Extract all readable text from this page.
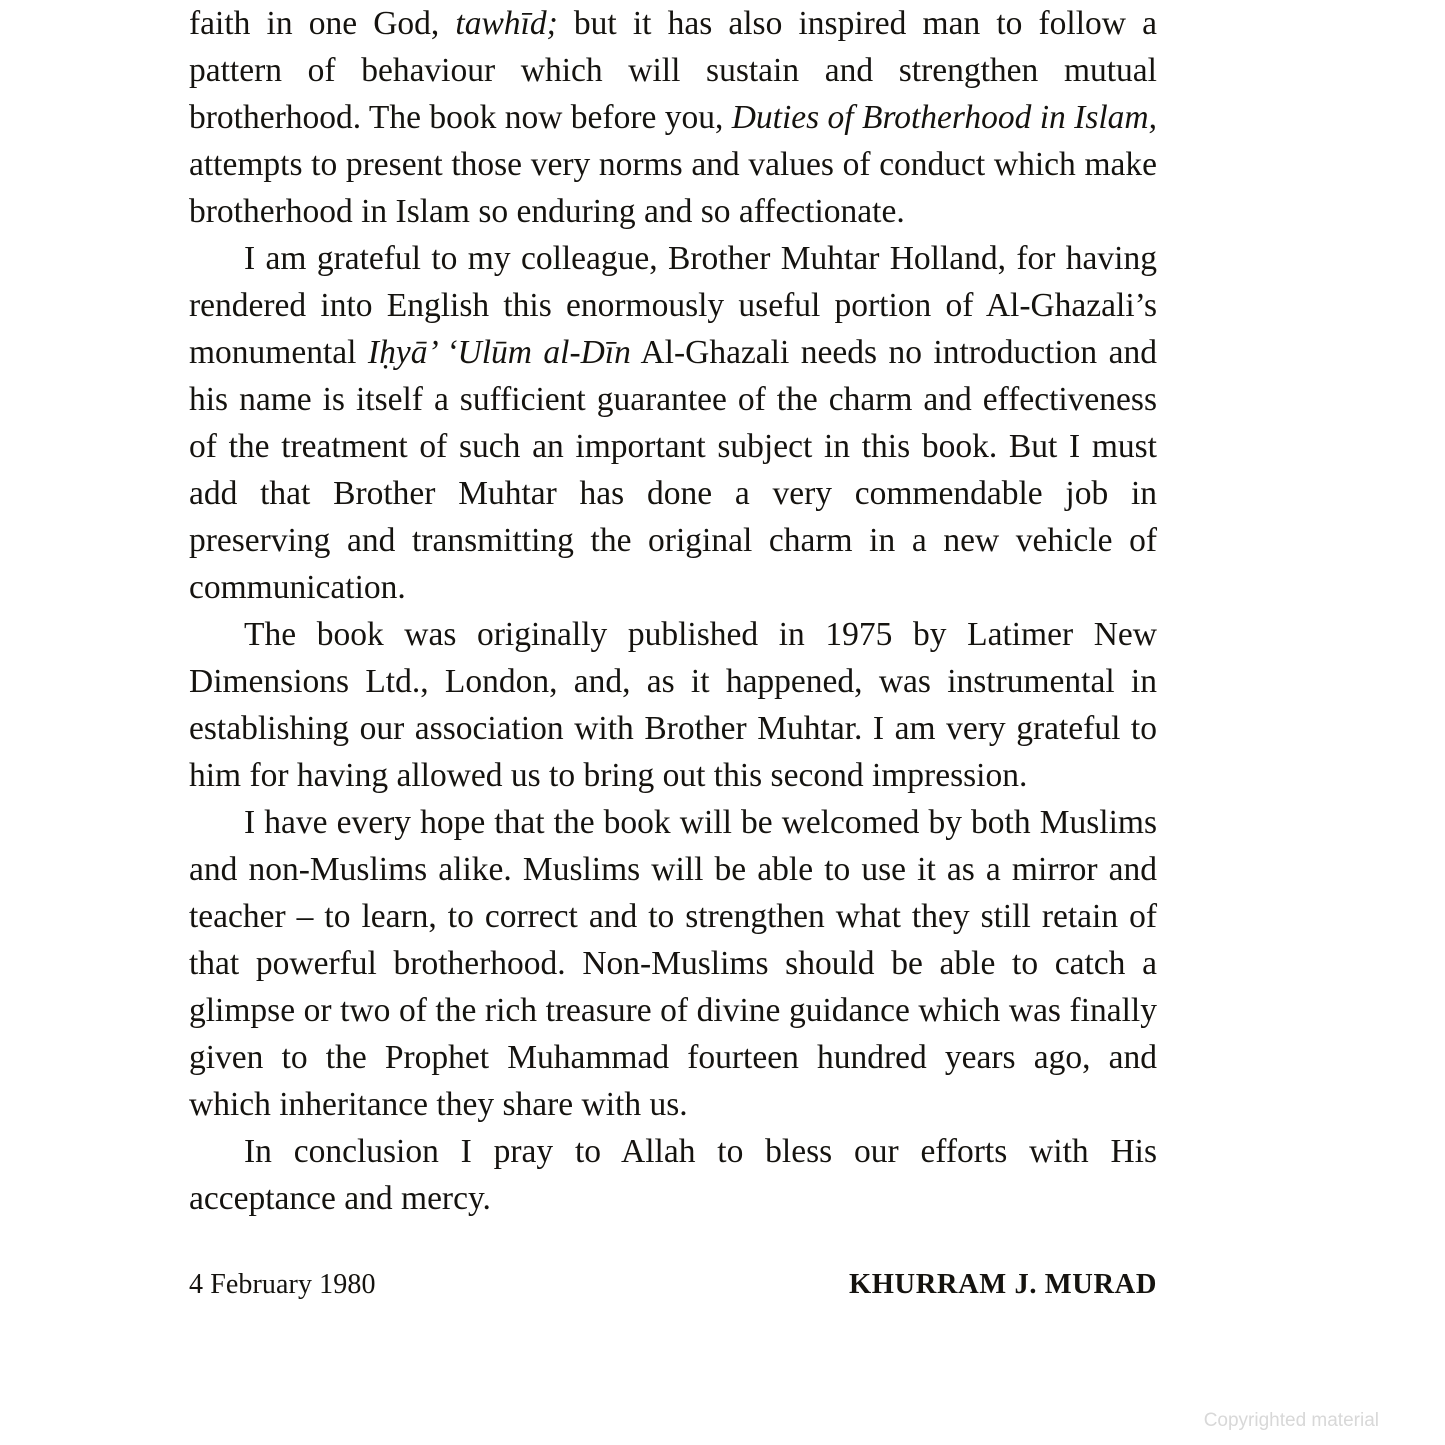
faith in one God, tawhīd; but it has also inspired man to follow a pattern of behaviour which will sustain and strengthen mutual brotherhood. The book now before you, Duties of Brotherhood in Islam, attempts to present those very norms and values of conduct which make brotherhood in Islam so enduring and so affectionate.

I am grateful to my colleague, Brother Muhtar Holland, for having rendered into English this enormously useful portion of Al-Ghazali’s monumental Iḥyā’ ‘Ulūm al-Dīn Al-Ghazali needs no introduction and his name is itself a sufficient guarantee of the charm and effectiveness of the treatment of such an important subject in this book. But I must add that Brother Muhtar has done a very commendable job in preserving and transmitting the original charm in a new vehicle of communication.

The book was originally published in 1975 by Latimer New Dimensions Ltd., London, and, as it happened, was instrumental in establishing our association with Brother Muhtar. I am very grateful to him for having allowed us to bring out this second impression.

I have every hope that the book will be welcomed by both Muslims and non-Muslims alike. Muslims will be able to use it as a mirror and teacher – to learn, to correct and to strengthen what they still retain of that powerful brotherhood. Non-Muslims should be able to catch a glimpse or two of the rich treasure of divine guidance which was finally given to the Prophet Muhammad fourteen hundred years ago, and which inheritance they share with us.

In conclusion I pray to Allah to bless our efforts with His acceptance and mercy.

4 February 1980	KHURRAM J. MURAD
Copyrighted material
